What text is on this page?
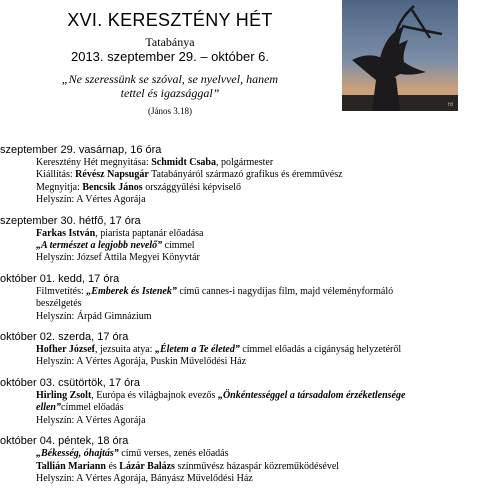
XVI. KERESZTÉNY HÉT
Tatabánya
2013. szeptember 29. – október 6.
„Ne szeressünk se szóval, se nyelvvel, hanem
tettel és igazsággal”
(János 3.18)
fd
szeptember 29. vasárnap, 16 óra
Keresztény Hét megnyitása: Schmidt Csaba, polgármester
Kiállítás: Révész Napsugár Tatabányáról származó grafikus és éremművész
Megnyitja: Bencsik János országgyűlési képviselő
Helyszín: A Vértes Agorája
szeptember 30. hétfő, 17 óra
Farkas István, piarista paptanár előadása
„A természet a legjobb nevelő” címmel
Helyszín: József Attila Megyei Könyvtár
október 01. kedd, 17 óra
Filmvetítés: „Emberek és Istenek” című cannes-i nagydíjas film, majd véleményformáló
beszélgetés
Helyszín: Árpád Gimnázium
október 02. szerda, 17 óra
Hofher József, jezsuita atya: „Életem a Te életed” címmel előadás a cigányság helyzetéről
Helyszín: A Vértes Agorája, Puskin Művelődési Ház
október 03. csütörtök, 17 óra
Hirling Zsolt, Európa és világbajnok evezős „Önkéntességgel a társadalom érzéketlensége
ellen”címmel előadás
Helyszín: A Vértes Agorája
október 04. péntek, 18 óra
„Békesség, óhajtás” című verses, zenés előadás
Tallián Mariann és Lázár Balázs színművész házaspár közreműködésével
Helyszín: A Vértes Agorája, Bányász Művelődési Ház
